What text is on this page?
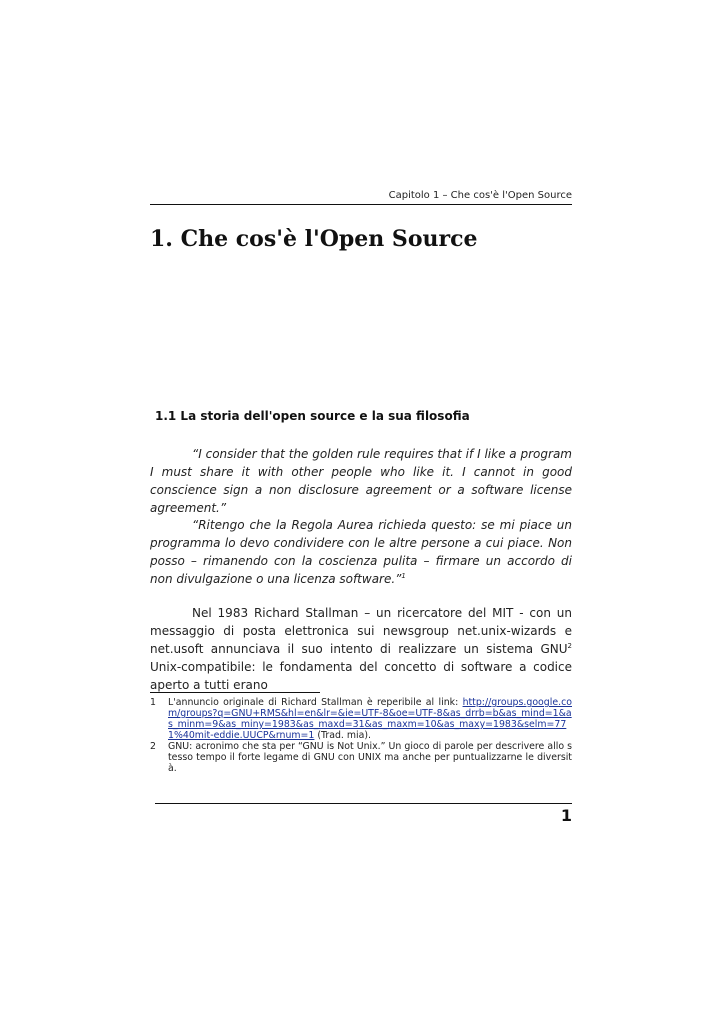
Capitolo 1 – Che cos'è l'Open Source
1. Che cos'è l'Open Source
1.1 La storia dell'open source e la sua filosofia

“I consider that the golden rule requires that if I like a program I must share it with other people who like it. I cannot in good conscience sign a non disclosure agreement or a software license agreement.”

“Ritengo che la Regola Aurea richieda questo: se mi piace un programma lo devo condividere con le altre persone a cui piace. Non posso – rimanendo con la coscienza pulita – firmare un accordo di non divulgazione o una licenza software.”$^1$

Nel 1983 Richard Stallman – un ricercatore del MIT - con un messaggio di posta elettronica sui newsgroup net.unix-wizards e net.usoft annunciava il suo intento di realizzare un sistema GNU$^2$ Unix-compatibile: le fondamenta del concetto di software a codice aperto a tutti erano

1	L'annuncio originale di Richard Stallman è reperibile al link: http://groups.google.com/groups?q=GNU+RMS&hl=en&lr=&ie=UTF-8&oe=UTF-8&as_drrb=b&as_mind=1&as_minm=9&as_miny=1983&as_maxd=31&as_maxm=10&as_maxy=1983&selm=771%40mit-eddie.UUCP&rnum=1 (Trad. mia).
2	GNU: acronimo che sta per “GNU is Not Unix.” Un gioco di parole per descrivere allo stesso tempo il forte legame di GNU con UNIX ma anche per puntualizzarne le diversità.
1
